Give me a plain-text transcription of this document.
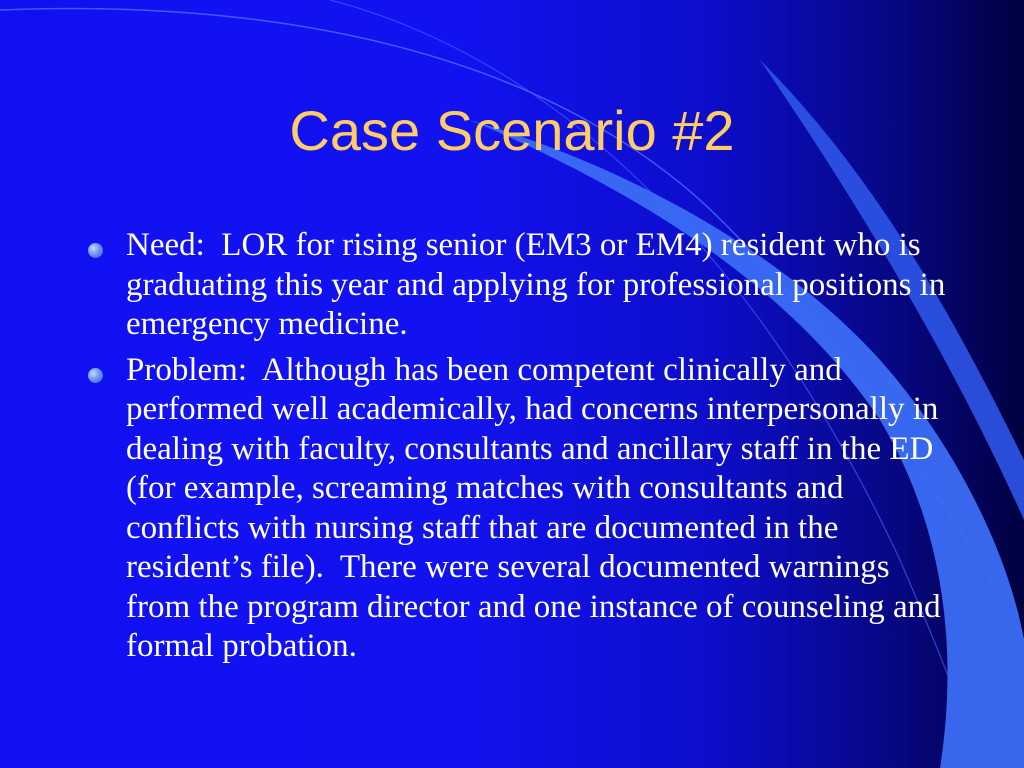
Case Scenario #2
Need:  LOR for rising senior (EM3 or EM4) resident who is graduating this year and applying for professional positions in emergency medicine.
Problem:  Although has been competent clinically and performed well academically, had concerns interpersonally in dealing with faculty, consultants and ancillary staff in the ED (for example, screaming matches with consultants and conflicts with nursing staff that are documented in the resident’s file).  There were several documented warnings from the program director and one instance of counseling and formal probation.
